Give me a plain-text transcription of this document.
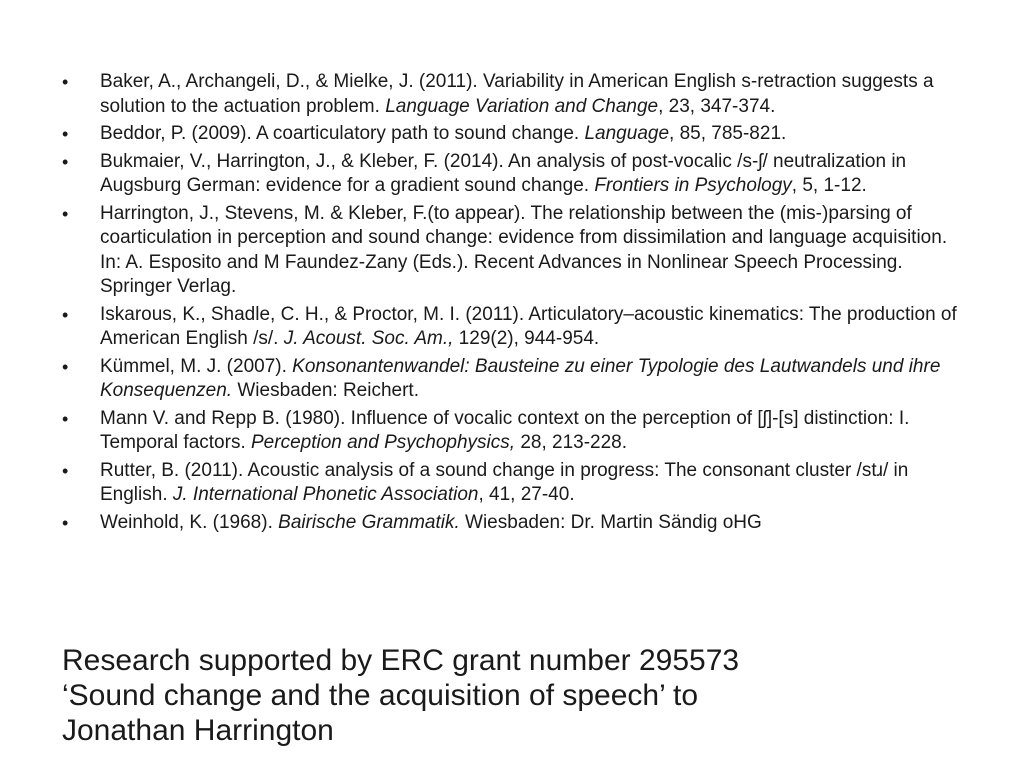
• Baker, A., Archangeli, D., & Mielke, J. (2011). Variability in American English s-retraction suggests a solution to the actuation problem. Language Variation and Change, 23, 347-374.
• Beddor, P. (2009). A coarticulatory path to sound change. Language, 85, 785-821.
• Bukmaier, V., Harrington, J., & Kleber, F. (2014). An analysis of post-vocalic /s-ʃ/ neutralization in Augsburg German: evidence for a gradient sound change. Frontiers in Psychology, 5, 1-12.
• Harrington, J., Stevens, M. & Kleber, F.(to appear). The relationship between the (mis-)parsing of coarticulation in perception and sound change: evidence from dissimilation and language acquisition. In: A. Esposito and M Faundez-Zany (Eds.). Recent Advances in Nonlinear Speech Processing. Springer Verlag.
• Iskarous, K., Shadle, C. H., & Proctor, M. I. (2011). Articulatory–acoustic kinematics: The production of American English /s/. J. Acoust. Soc. Am., 129(2), 944-954.
• Kümmel, M. J. (2007). Konsonantenwandel: Bausteine zu einer Typologie des Lautwandels und ihre Konsequenzen. Wiesbaden: Reichert.
• Mann V. and Repp B. (1980). Influence of vocalic context on the perception of [ʃ]-[s] distinction: I. Temporal factors. Perception and Psychophysics, 28, 213-228.
• Rutter, B. (2011). Acoustic analysis of a sound change in progress: The consonant cluster /stɹ/ in English. J. International Phonetic Association, 41, 27-40.
• Weinhold, K. (1968). Bairische Grammatik. Wiesbaden: Dr. Martin Sändig oHG
Research supported by ERC grant number 295573
‘Sound change and the acquisition of speech’ to
Jonathan Harrington
